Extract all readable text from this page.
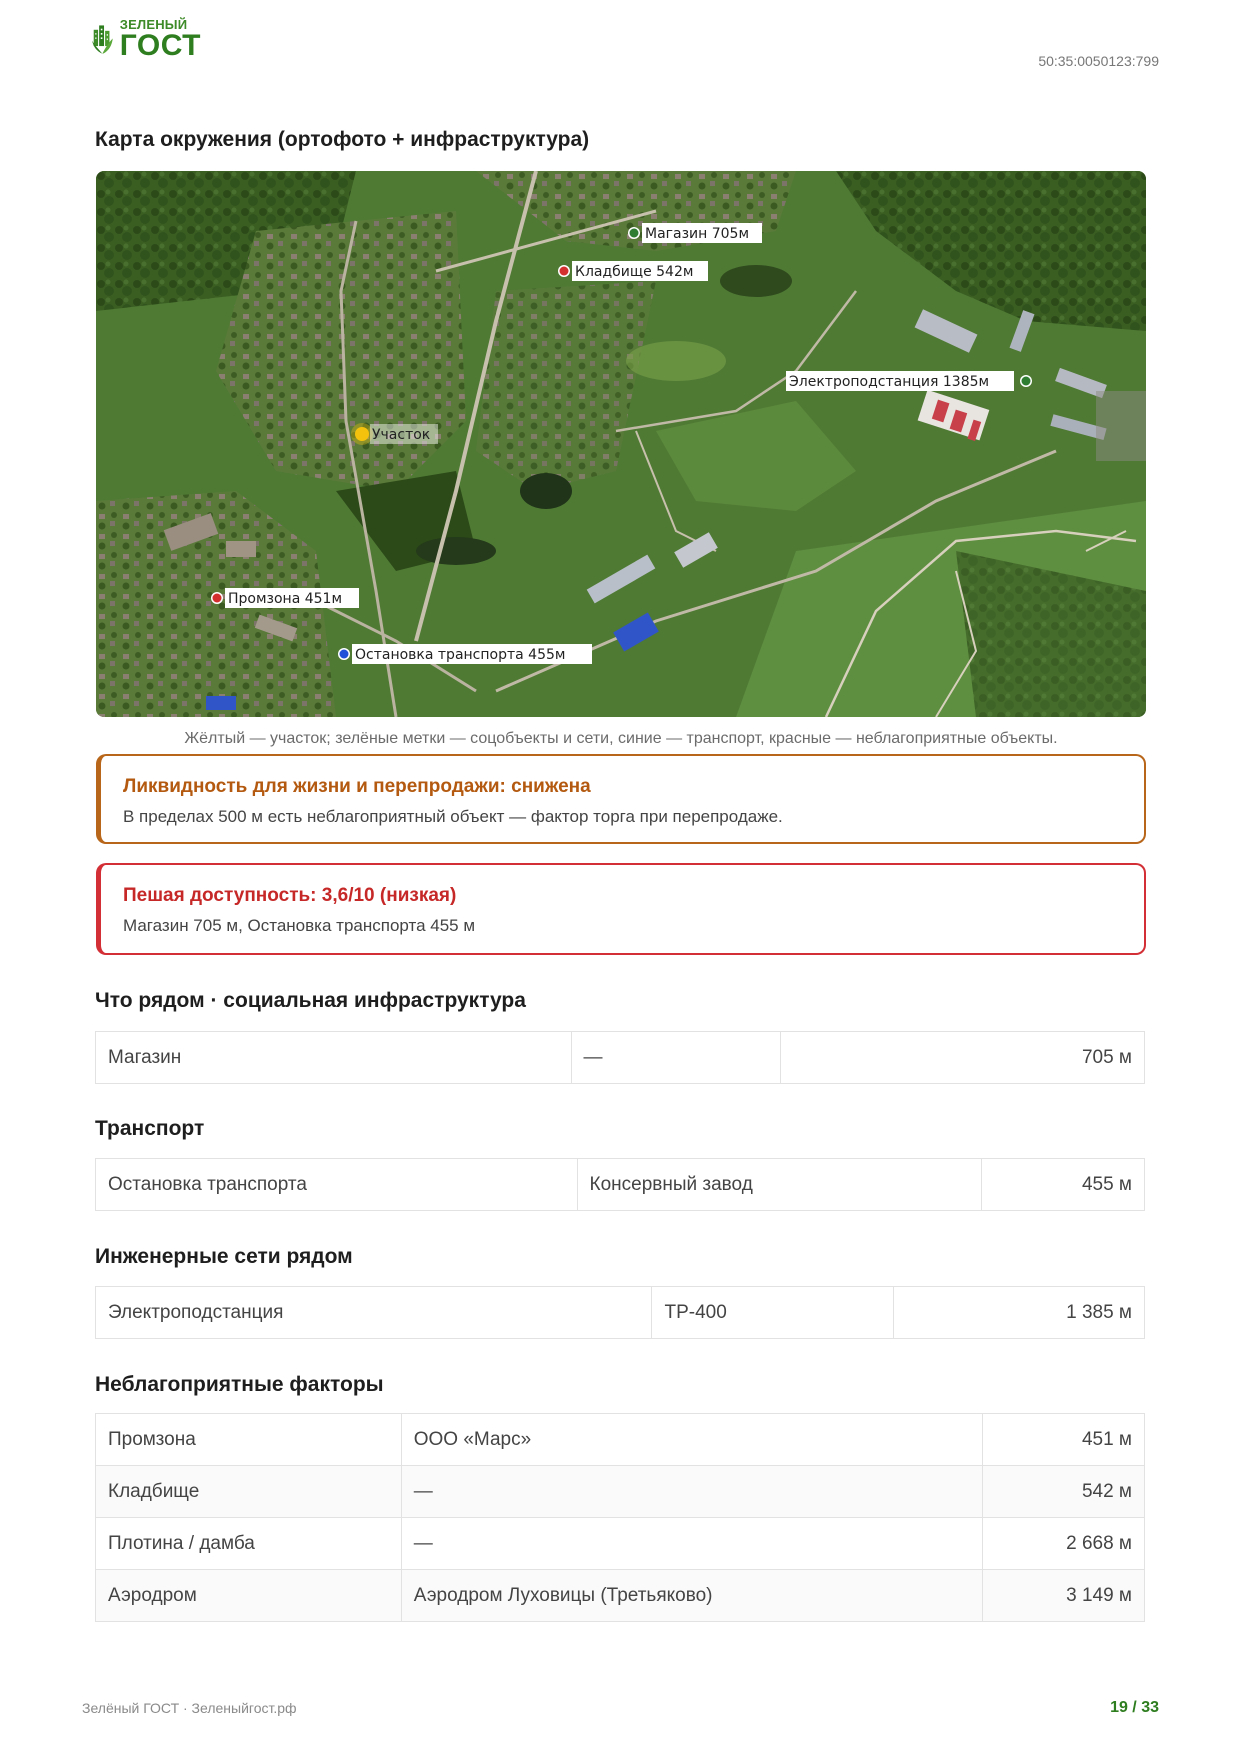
ЗЕЛЕНЫЙ
ГОСТ	50:35:0050123:799
Карта окружения (ортофото + инфраструктура)
Магазин 705м
Кладбище 542м
Электроподстанция 1385м
Участок
Промзона 451м
Остановка транспорта 455м
Жёлтый — участок; зелёные метки — соцобъекты и сети, синие — транспорт, красные — неблагоприятные объекты.
Ликвидность для жизни и перепродажи: снижена
В пределах 500 м есть неблагоприятный объект — фактор торга при перепродаже.
Пешая доступность: 3,6/10 (низкая)
Магазин 705 м, Остановка транспорта 455 м
Что рядом · социальная инфраструктура
Магазин	—	705 м
Транспорт
Остановка транспорта	Консервный завод	455 м
Инженерные сети рядом
Электроподстанция	ТР-400	1 385 м
Неблагоприятные факторы
Промзона	ООО «Марс»	451 м
Кладбище	—	542 м
Плотина / дамба	—	2 668 м
Аэродром	Аэродром Луховицы (Третьяково)	3 149 м
Зелёный ГОСТ · Зеленыйгост.рф	19 / 33
